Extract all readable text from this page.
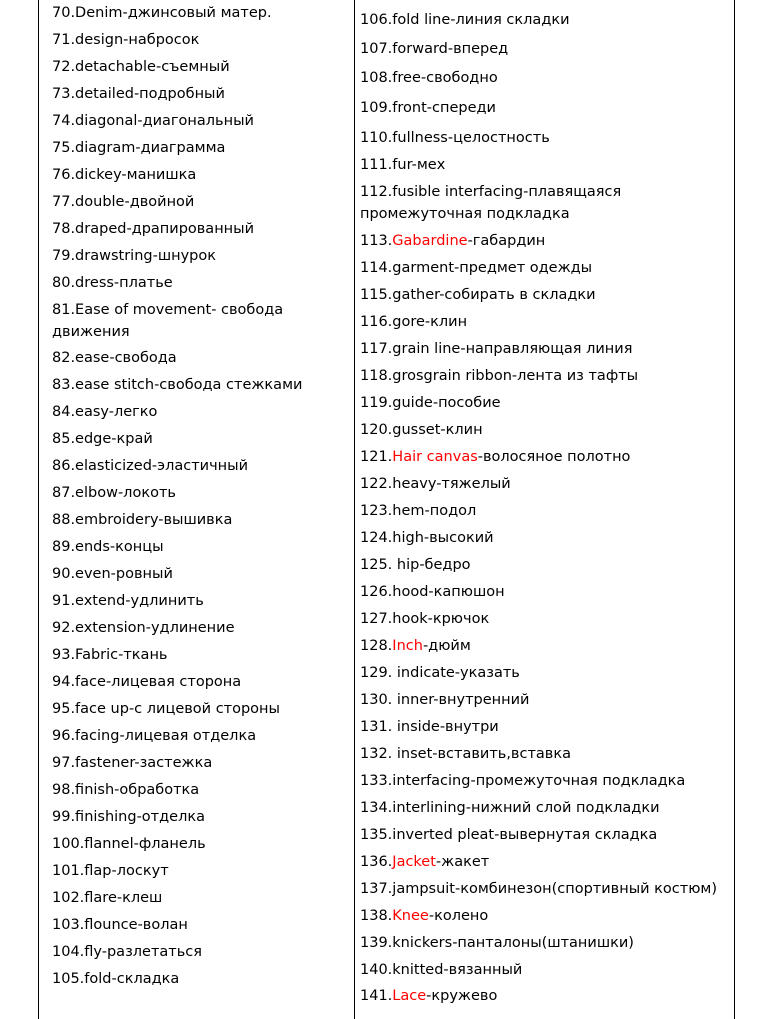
70.Denim-джинсовый матер.
71.design-набросок
72.detachable-съемный
73.detailed-подробный
74.diagonal-диагональный
75.diagram-диаграмма
76.dickey-манишка
77.double-двойной
78.draped-драпированный
79.drawstring-шнурок
80.dress-платье
81.Ease of movement- свобода
движения
82.ease-свобода
83.ease stitch-свобода стежками
84.easy-легко
85.edge-край
86.elasticized-эластичный
87.elbow-локоть
88.embroidery-вышивка
89.ends-концы
90.even-ровный
91.extend-удлинить
92.extension-удлинение
93.Fabric-ткань
94.face-лицевая сторона
95.face up-с лицевой стороны
96.facing-лицевая отделка
97.fastener-застежка
98.finish-обработка
99.finishing-отделка
100.flannel-фланель
101.flap-лоскут
102.flare-клеш
103.flounce-волан
104.fly-разлетаться
105.fold-складка
106.fold line-линия складки
107.forward-вперед
108.free-свободно
109.front-спереди
110.fullness-целостность
111.fur-мех
112.fusible interfacing-плавящаяся
промежуточная подкладка
113.Gabardine-габардин
114.garment-предмет одежды
115.gather-собирать в складки
116.gore-клин
117.grain line-направляющая линия
118.grosgrain ribbon-лента из тафты
119.guide-пособие
120.gusset-клин
121.Hair canvas-волосяное полотно
122.heavy-тяжелый
123.hem-подол
124.high-высокий
125. hip-бедро
126.hood-капюшон
127.hook-крючок
128.Inch-дюйм
129. indicate-указать
130. inner-внутренний
131. inside-внутри
132. inset-вставить,вставка
133.interfacing-промежуточная подкладка
134.interlining-нижний слой подкладки
135.inverted pleat-вывернутая складка
136.Jacket-жакет
137.jampsuit-комбинезон(спортивный костюм)
138.Knee-колено
139.knickers-панталоны(штанишки)
140.knitted-вязанный
141.Lace-кружево
